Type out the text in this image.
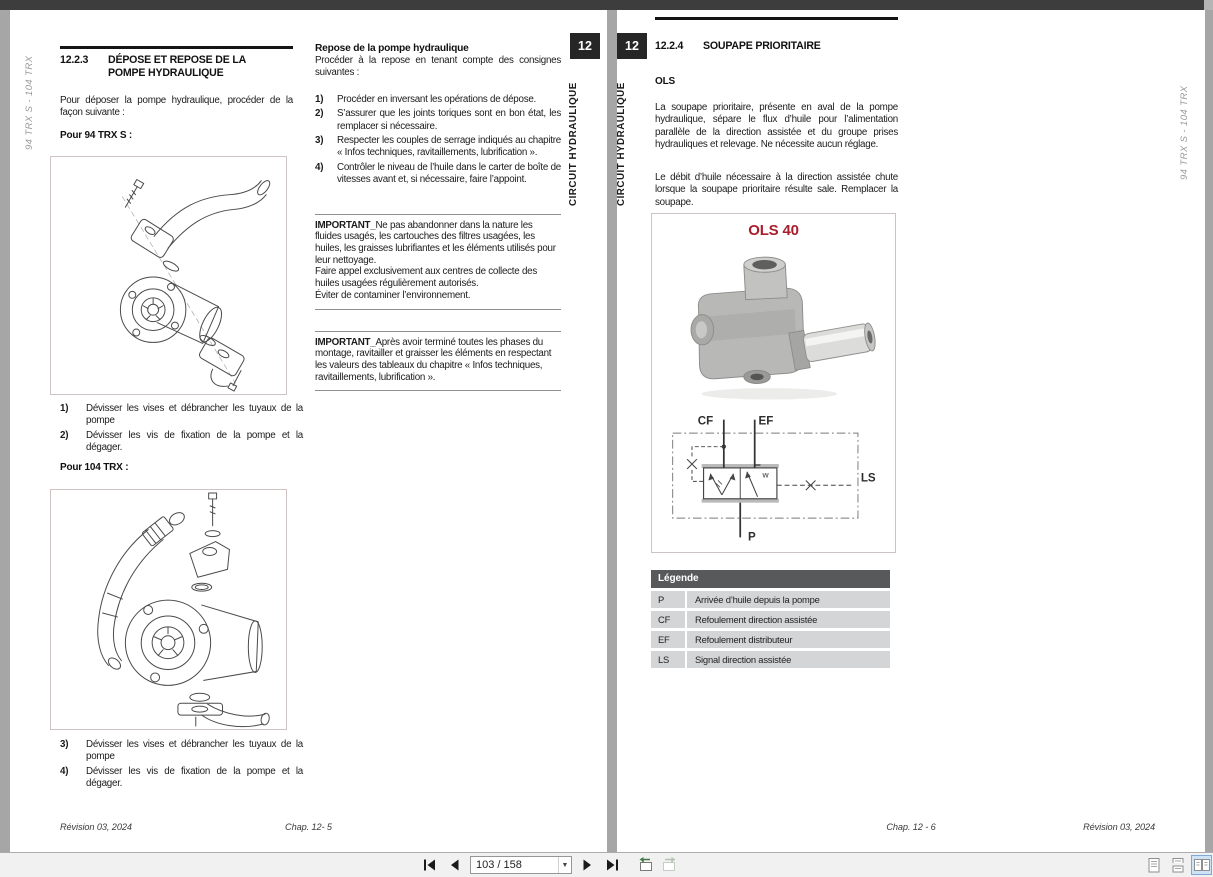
94 TRX S - 104 TRX
12
CIRCUIT HYDRAULIQUE
12.2.3	DÉPOSE ET REPOSE DE LA POMPE HYDRAULIQUE
Pour déposer la pompe hydraulique, procéder de la façon suivante :
Pour 94 TRX S :
1)	Dévisser les vises et débrancher les tuyaux de la pompe
2)	Dévisser les vis de fixation de la pompe et la dégager.
Pour 104 TRX :
3)	Dévisser les vises et débrancher les tuyaux de la pompe
4)	Dévisser les vis de fixation de la pompe et la dégager.
Repose de la pompe hydraulique
Procéder à la repose en tenant compte des consignes suivantes :
1)	Procéder en inversant les opérations de dépose.
2)	S’assurer que les joints toriques sont en bon état, les remplacer si nécessaire.
3)	Respecter les couples de serrage indiqués au chapitre « Infos techniques, ravitaillements, lubrification ».
4)	Contrôler le niveau de l’huile dans le carter de boîte de vitesses avant et, si nécessaire, faire l’appoint.

IMPORTANT_Ne pas abandonner dans la nature les fluides usagés, les cartouches des filtres usagées, les huiles, les graisses lubrifiantes et les éléments utilisés pour leur nettoyage.

Faire appel exclusivement aux centres de collecte des huiles usagées régulièrement autorisés.

Éviter de contaminer l’environnement.

IMPORTANT_Après avoir terminé toutes les phases du montage, ravitailler et graisser les éléments en respectant les valeurs des tableaux du chapitre « Infos techniques, ravitaillements, lubrification ».

Révision 03, 2024	Chap. 12- 5
12
CIRCUIT HYDRAULIQUE	94 TRX S - 104 TRX
12.2.4	SOUPAPE PRIORITAIRE
OLS
La soupape prioritaire, présente en aval de la pompe hydraulique, sépare le flux d’huile pour l’alimentation parallèle de la direction assistée et du groupe prises hydrauliques et relevage. Ne nécessite aucun réglage.
Le débit d’huile nécessaire à la direction assistée chute lorsque la soupape prioritaire résulte sale. Remplacer la soupape.
OLS 40
CF	EF
LS
P
W
Légende
P	Arrivée d’huile depuis la pompe
CF	Refoulement direction assistée
EF	Refoulement distributeur
LS	Signal direction assistée
Chap. 12 - 6	Révision 03, 2024
103 / 158	▼
